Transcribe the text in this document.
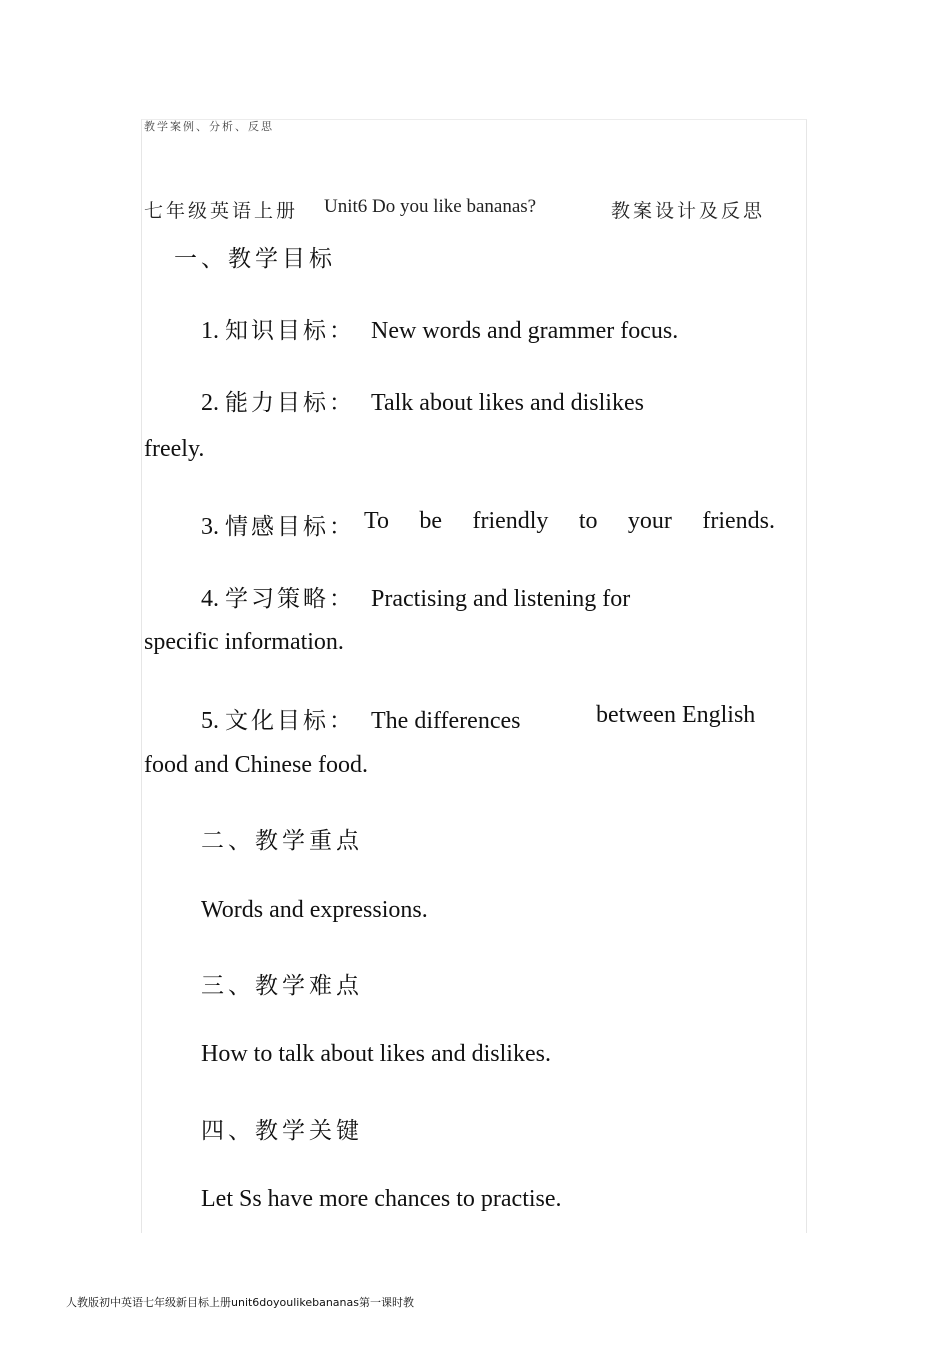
教学案例、分析、反思
七年级英语上册 Unit6 Do you like bananas?	教案设计及反思
一、教学目标
1. 知识目标： New words and grammer focus.
2. 能力目标： Talk about likes and dislikes
freely.
3. 情感目标： To be friendly to your friends.
4. 学习策略： Practising and listening for
specific information.
5. 文化目标： The differences	between English
food and Chinese food.
二、教学重点
Words and expressions.
三、教学难点
How to talk about likes and dislikes.
四、教学关键
Let Ss have more chances to practise.
人教版初中英语七年级新目标上册unit6doyoulikebananas第一课时教
